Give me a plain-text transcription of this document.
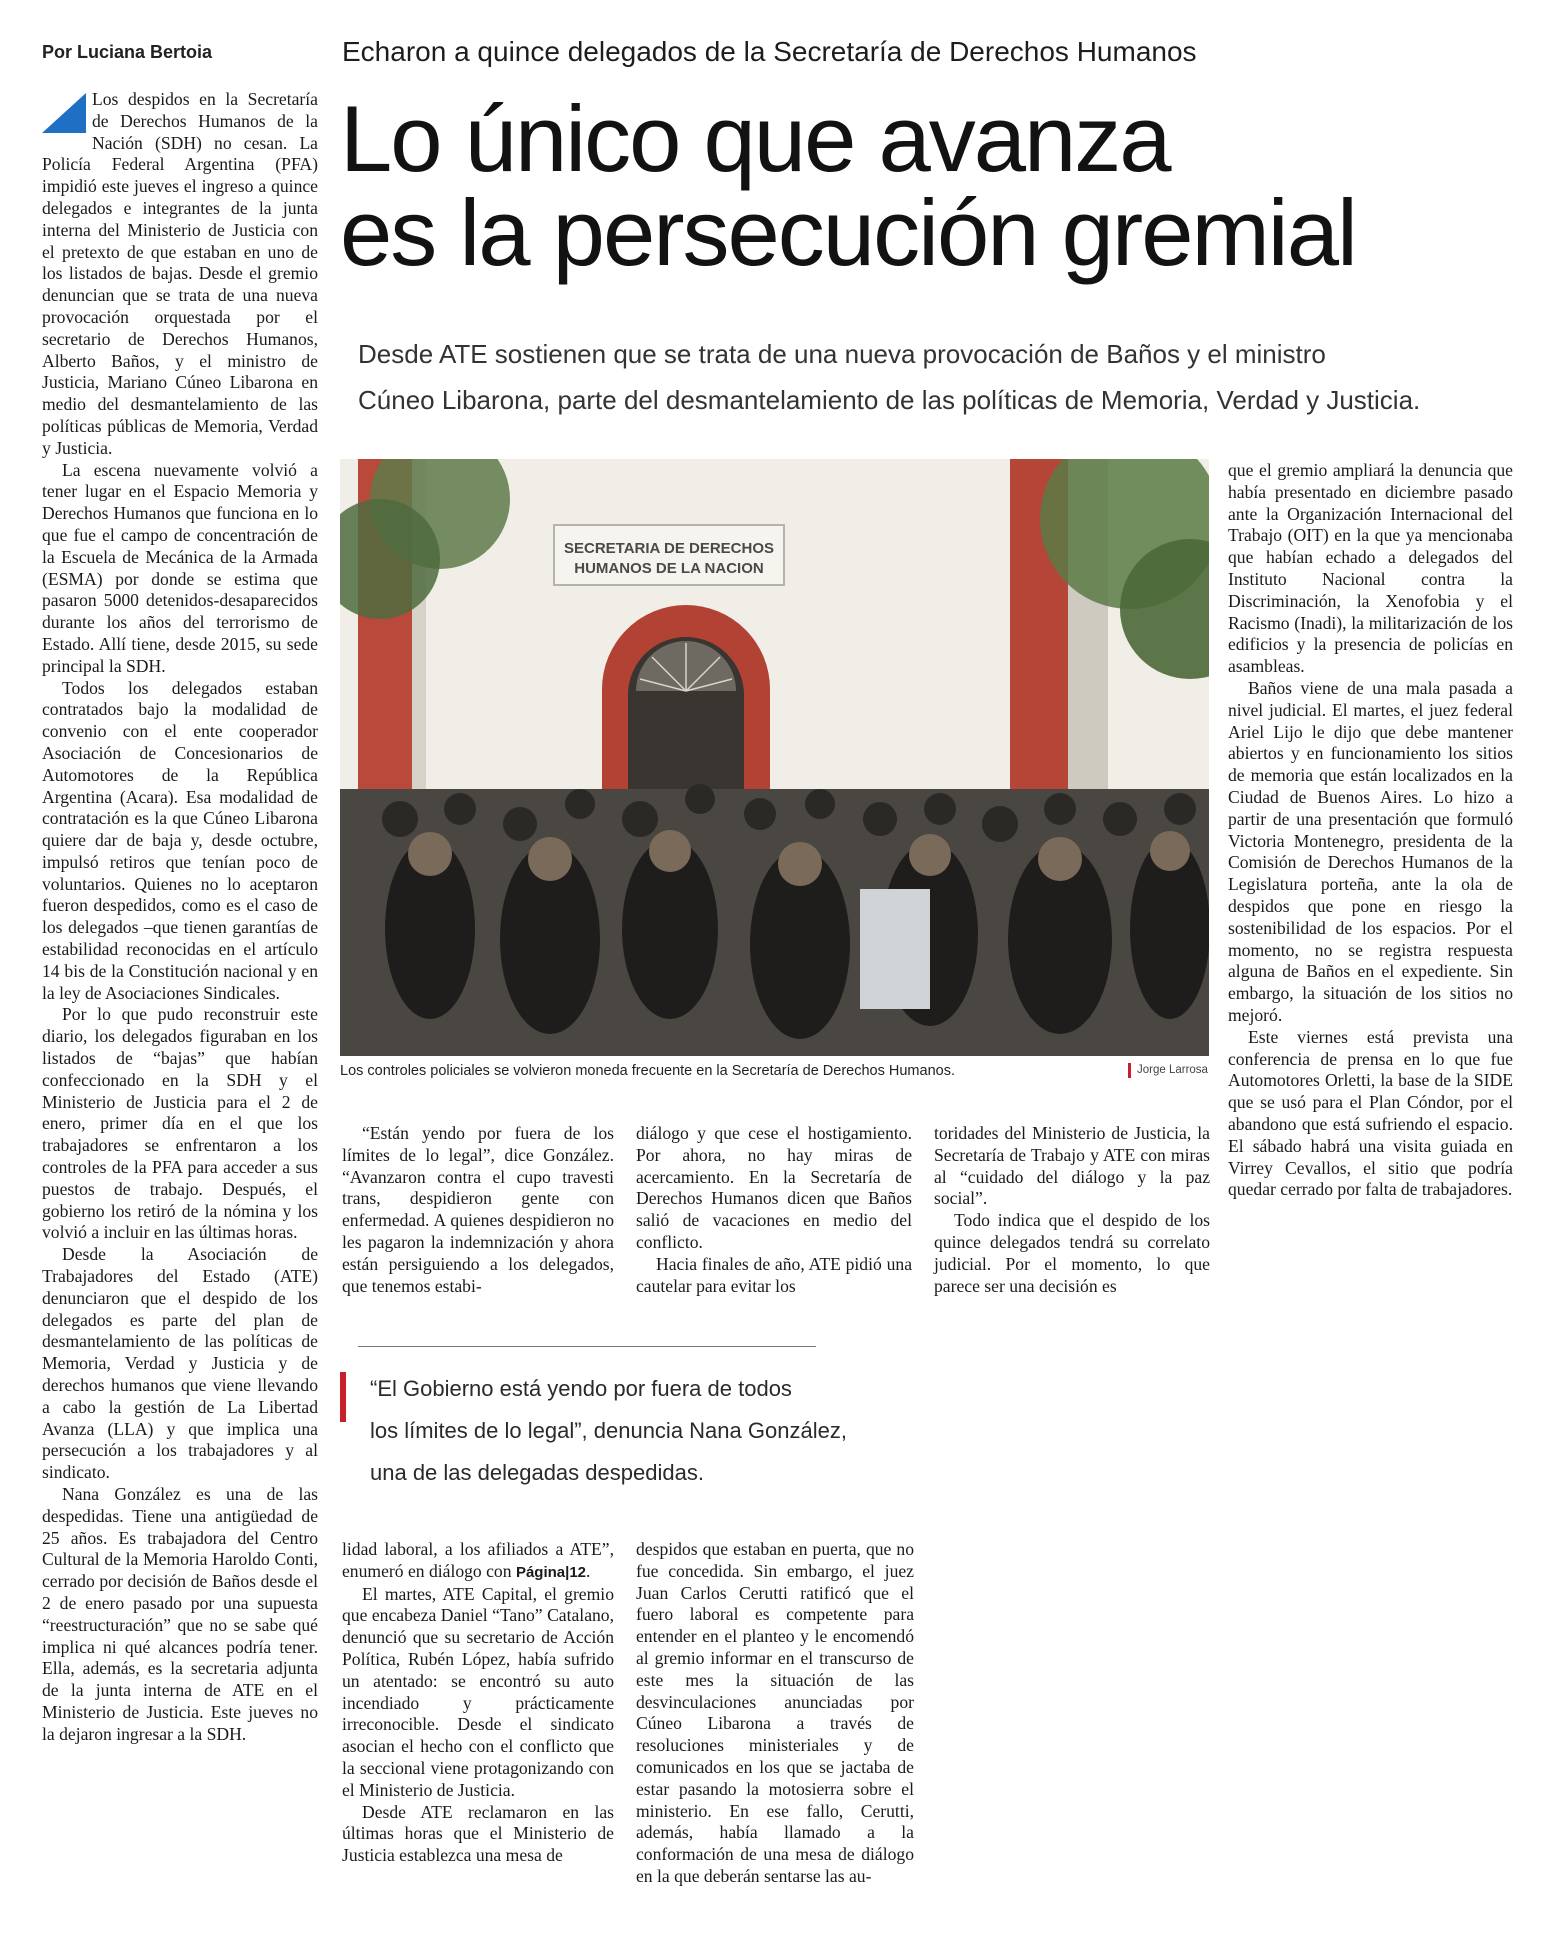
Por Luciana Bertoia	Echaron a quince delegados de la Secretaría de Derechos Humanos
Lo único que avanza
es la persecución gremial
Desde ATE sostienen que se trata de una nueva provocación de Baños y el ministro
Cúneo Libarona, parte del desmantelamiento de las políticas de Memoria, Verdad y Justicia.

Los despidos en la Secretaría de Derechos Humanos de la Nación (SDH) no cesan. La Policía Federal Argentina (PFA) impidió este jueves el ingreso a quince delegados e integrantes de la junta interna del Ministerio de Justicia con el pretexto de que estaban en uno de los listados de bajas. Desde el gremio denuncian que se trata de una nueva provocación orquestada por el secretario de Derechos Humanos, Alberto Baños, y el ministro de Justicia, Mariano Cúneo Libarona en medio del desmantelamiento de las políticas públicas de Memoria, Verdad y Justicia.

La escena nuevamente volvió a tener lugar en el Espacio Memoria y Derechos Humanos que funciona en lo que fue el campo de concentración de la Escuela de Mecánica de la Armada (ESMA) por donde se estima que pasaron 5000 detenidos-desaparecidos durante los años del terrorismo de Estado. Allí tiene, desde 2015, su sede principal la SDH.

Todos los delegados estaban contratados bajo la modalidad de convenio con el ente cooperador Asociación de Concesionarios de Automotores de la República Argentina (Acara). Esa modalidad de contratación es la que Cúneo Libarona quiere dar de baja y, desde octubre, impulsó retiros que tenían poco de voluntarios. Quienes no lo aceptaron fueron despedidos, como es el caso de los delegados –que tienen garantías de estabilidad reconocidas en el artículo 14 bis de la Constitución nacional y en la ley de Asociaciones Sindicales.

Por lo que pudo reconstruir este diario, los delegados figuraban en los listados de “bajas” que habían confeccionado en la SDH y el Ministerio de Justicia para el 2 de enero, primer día en el que los trabajadores se enfrentaron a los controles de la PFA para acceder a sus puestos de trabajo. Después, el gobierno los retiró de la nómina y los volvió a incluir en las últimas horas.

Desde la Asociación de Trabajadores del Estado (ATE) denunciaron que el despido de los delegados es parte del plan de desmantelamiento de las políticas de Memoria, Verdad y Justicia y de derechos humanos que viene llevando a cabo la gestión de La Libertad Avanza (LLA) y que implica una persecución a los trabajadores y al sindicato.

Nana González es una de las despedidas. Tiene una antigüedad de 25 años. Es trabajadora del Centro Cultural de la Memoria Haroldo Conti, cerrado por decisión de Baños desde el 2 de enero pasado por una supuesta “reestructuración” que no se sabe qué implica ni qué alcances podría tener. Ella, además, es la secretaria adjunta de la junta interna de ATE en el Ministerio de Justicia. Este jueves no la dejaron ingresar a la SDH.

SECRETARIA DE DERECHOS
HUMANOS DE LA NACION
Los controles policiales se volvieron moneda frecuente en la Secretaría de Derechos Humanos.	Jorge Larrosa

que el gremio ampliará la denuncia que había presentado en diciembre pasado ante la Organización Internacional del Trabajo (OIT) en la que ya mencionaba que habían echado a delegados del Instituto Nacional contra la Discriminación, la Xenofobia y el Racismo (Inadi), la militarización de los edificios y la presencia de policías en asambleas.

Baños viene de una mala pasada a nivel judicial. El martes, el juez federal Ariel Lijo le dijo que debe mantener abiertos y en funcionamiento los sitios de memoria que están localizados en la Ciudad de Buenos Aires. Lo hizo a partir de una presentación que formuló Victoria Montenegro, presidenta de la Comisión de Derechos Humanos de la Legislatura porteña, ante la ola de despidos que pone en riesgo la sostenibilidad de los espacios. Por el momento, no se registra respuesta alguna de Baños en el expediente. Sin embargo, la situación de los sitios no mejoró.

Este viernes está prevista una conferencia de prensa en lo que fue Automotores Orletti, la base de la SIDE que se usó para el Plan Cóndor, por el abandono que está sufriendo el espacio. El sábado habrá una visita guiada en Virrey Cevallos, el sitio que podría quedar cerrado por falta de trabajadores.

“Están yendo por fuera de los límites de lo legal”, dice González. “Avanzaron contra el cupo travesti trans, despidieron gente con enfermedad. A quienes despidieron no les pagaron la indemnización y ahora están persiguiendo a los delegados, que tenemos estabi-

diálogo y que cese el hostigamiento. Por ahora, no hay miras de acercamiento. En la Secretaría de Derechos Humanos dicen que Baños salió de vacaciones en medio del conflicto.

Hacia finales de año, ATE pidió una cautelar para evitar los

toridades del Ministerio de Justicia, la Secretaría de Trabajo y ATE con miras al “cuidado del diálogo y la paz social”.

Todo indica que el despido de los quince delegados tendrá su correlato judicial. Por el momento, lo que parece ser una decisión es

“El Gobierno está yendo por fuera de todos
los límites de lo legal”, denuncia Nana González,
una de las delegadas despedidas.

lidad laboral, a los afiliados a ATE”, enumeró en diálogo con Página|12.

El martes, ATE Capital, el gremio que encabeza Daniel “Tano” Catalano, denunció que su secretario de Acción Política, Rubén López, había sufrido un atentado: se encontró su auto incendiado y prácticamente irreconocible. Desde el sindicato asocian el hecho con el conflicto que la seccional viene protagonizando con el Ministerio de Justicia.

Desde ATE reclamaron en las últimas horas que el Ministerio de Justicia establezca una mesa de

despidos que estaban en puerta, que no fue concedida. Sin embargo, el juez Juan Carlos Cerutti ratificó que el fuero laboral es competente para entender en el planteo y le encomendó al gremio informar en el transcurso de este mes la situación de las desvinculaciones anunciadas por Cúneo Libarona a través de resoluciones ministeriales y de comunicados en los que se jactaba de estar pasando la motosierra sobre el ministerio. En ese fallo, Cerutti, además, había llamado a la conformación de una mesa de diálogo en la que deberán sentarse las au-
